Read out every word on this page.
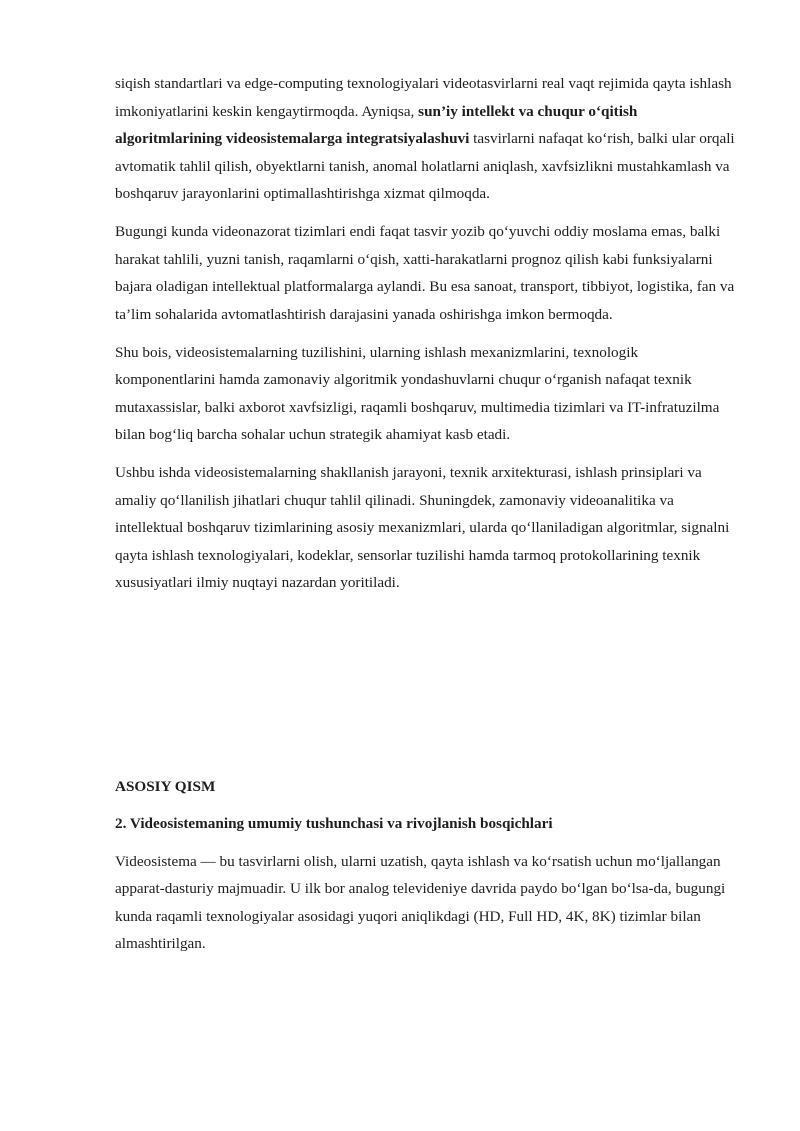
siqish standartlari va edge-computing texnologiyalari videotasvirlarni real vaqt rejimida qayta ishlash imkoniyatlarini keskin kengaytirmoqda. Ayniqsa, sun’iy intellekt va chuqur o‘qitish algoritmlarining videosistemalarga integratsiyalashuvi tasvirlarni nafaqat ko‘rish, balki ular orqali avtomatik tahlil qilish, obyektlarni tanish, anomal holatlarni aniqlash, xavfsizlikni mustahkamlash va boshqaruv jarayonlarini optimallashtirishga xizmat qilmoqda.

Bugungi kunda videonazorat tizimlari endi faqat tasvir yozib qo‘yuvchi oddiy moslama emas, balki harakat tahlili, yuzni tanish, raqamlarni o‘qish, xatti-harakatlarni prognoz qilish kabi funksiyalarni bajara oladigan intellektual platformalarga aylandi. Bu esa sanoat, transport, tibbiyot, logistika, fan va ta’lim sohalarida avtomatlashtirish darajasini yanada oshirishga imkon bermoqda.

Shu bois, videosistemalarning tuzilishini, ularning ishlash mexanizmlarini, texnologik komponentlarini hamda zamonaviy algoritmik yondashuvlarni chuqur o‘rganish nafaqat texnik mutaxassislar, balki axborot xavfsizligi, raqamli boshqaruv, multimedia tizimlari va IT-infratuzilma bilan bog‘liq barcha sohalar uchun strategik ahamiyat kasb etadi.

Ushbu ishda videosistemalarning shakllanish jarayoni, texnik arxitekturasi, ishlash prinsiplari va amaliy qo‘llanilish jihatlari chuqur tahlil qilinadi. Shuningdek, zamonaviy videoanalitika va intellektual boshqaruv tizimlarining asosiy mexanizmlari, ularda qo‘llaniladigan algoritmlar, signalni qayta ishlash texnologiyalari, kodeklar, sensorlar tuzilishi hamda tarmoq protokollarining texnik xususiyatlari ilmiy nuqtayi nazardan yoritiladi.

ASOSIY QISM
2. Videosistemaning umumiy tushunchasi va rivojlanish bosqichlari

Videosistema — bu tasvirlarni olish, ularni uzatish, qayta ishlash va ko‘rsatish uchun mo‘ljallangan apparat-dasturiy majmuadir. U ilk bor analog televideniye davrida paydo bo‘lgan bo‘lsa-da, bugungi kunda raqamli texnologiyalar asosidagi yuqori aniqlikdagi (HD, Full HD, 4K, 8K) tizimlar bilan almashtirilgan.
